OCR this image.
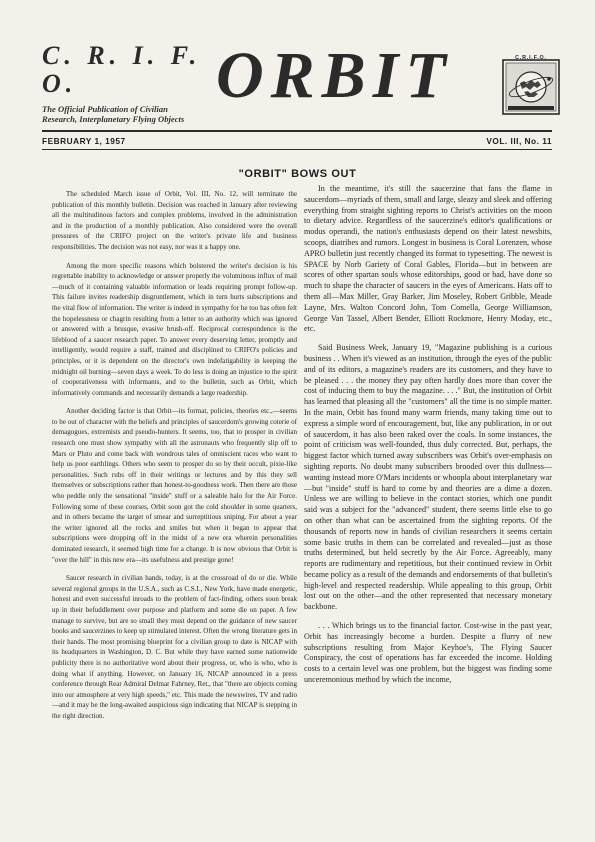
C. R. I. F. O.
The Official Publication of Civilian
Research, Interplanetary Flying Objects
ORBIT	C.R.I.F.O.
FEBRUARY 1, 1957	VOL. III, No. 11
"ORBIT" BOWS OUT

The scheduled March issue of Orbit, Vol. III, No. 12, will terminate the publication of this monthly bulletin. Decision was reached in January after reviewing all the multitudinous factors and complex problems, involved in the administration and in the production of a monthly publication. Also considered were the overall pressures of the CRIFO project on the writer's private life and business responsibilities. The decision was not easy, nor was it a happy one.

Among the more specific reasons which bolstered the writer's decision is his regrettable inability to acknowledge or answer properly the voluminous influx of mail—much of it containing valuable information or leads requiring prompt follow-up. This failure invites readership disgruntlement, which in turn hurts subscriptions and the vital flow of information. The writer is indeed in sympathy for he too has often felt the hopelessness or chagrin resulting from a letter to an authority which was ignored or answered with a brusque, evasive brush-off. Reciprocal correspondence is the lifeblood of a saucer research paper. To answer every deserving letter, promptly and intelligently, would require a staff, trained and disciplined to CRIFO's policies and principles, or it is dependent on the director's own indefatigability in keeping the midnight oil burning—seven days a week. To do less is doing an injustice to the spirit of cooperativeness with informants, and to the bulletin, such as Orbit, which informatively commands and necessarily demands a large readership.

Another deciding factor is that Orbit—its format, policies, theories etc.,—seems to be out of character with the beliefs and principles of saucerdom's growing coterie of demagogues, extremists and pseudo-hunters. It seems, too, that to prosper in civilian research one must show sympathy with all the astronauts who frequently slip off to Mars or Pluto and come back with wondrous tales of omniscient races who want to help us poor earthlings. Others who seem to prosper do so by their occult, pixie-like personalities. Such rubs off in their writings or lectures and by this they sell themselves or subscriptions rather than honest-to-goodness work. Then there are those who peddle only the sensational "inside" stuff or a saleable halo for the Air Force. Following some of these courses, Orbit soon got the cold shoulder in some quarters, and in others became the target of smear and surreptitious sniping. For about a year the writer ignored all the rocks and smiles but when it began to appear that subscriptions were dropping off in the midst of a new era wherein personalities dominated research, it seemed high time for a change. It is now obvious that Orbit is "over the hill" in this new era—its usefulness and prestige gone!

Saucer research in civilian hands, today, is at the crossroad of do or die. While several regional groups in the U.S.A., such as C.S.I., New York, have made energetic, honest and even successful inroads to the problem of fact-finding, others soon break up in their befuddlement over purpose and platform and some die on paper. A few manage to survive, but are so small they must depend on the guidance of new saucer books and saucerzines to keep up stimulated interest. Often the wrong literature gets in their hands. The most promising blueprint for a civilian group to date is NICAP with its headquarters in Washington, D. C. But while they have earned some nationwide publicity there is no authoritative word about their progress, or, who is who, who is doing what if anything. However, on January 16, NICAP announced in a press conference through Rear Admiral Delmar Fahrney, Ret., that "there are objects coming into our atmosphere at very high speeds," etc. This made the newswires, TV and radio—and it may be the long-awaited auspicious sign indicating that NICAP is stepping in the right direction.

In the meantime, it's still the saucerzine that fans the flame in saucerdom—myriads of them, small and large, sleazy and sleek and offering everything from straight sighting reports to Christ's activities on the moon to dietary advice. Regardless of the saucerzine's editor's qualifications or modus operandi, the nation's enthusiasts depend on their latest newsbits, scoops, diatribes and rumors. Longest in business is Coral Lorenzen, whose APRO bulletin just recently changed its format to typesetting. The newest is SPACE by Norb Gariety of Coral Gables, Florida—but in between are scores of other spartan souls whose editorships, good or bad, have done so much to shape the character of saucers in the eyes of Americans. Hats off to them all—Max Miller, Gray Barker, Jim Moseley, Robert Gribble, Meade Layne, Mrs. Walton Concord John, Tom Comella, George Williamson, George Van Tassel, Albert Bender, Elliott Rockmore, Henry Moday, etc., etc.

Said Business Week, January 19, "Magazine publishing is a curious business . . When it's viewed as an institution, through the eyes of the public and of its editors, a magazine's readers are its customers, and they have to be pleased . . . the money they pay often hardly does more than cover the cost of inducing them to buy the magazine. . . ." But, the institution of Orbit has learned that pleasing all the "customers" all the time is no simple matter. In the main, Orbit has found many warm friends, many taking time out to express a simple word of encouragement, but, like any publication, in or out of saucerdom, it has also been raked over the coals. In some instances, the point of criticism was well-founded, thus duly corrected. But, perhaps, the biggest factor which turned away subscribers was Orbit's over-emphasis on sighting reports. No doubt many subscribers brooded over this dullness—wanting instead more O'Mars incidents or whoopla about interplanetary war—but "inside" stuff is hard to come by and theories are a dime a dozen. Unless we are willing to believe in the contact stories, which one pundit said was a subject for the "advanced" student, there seems little else to go on other than what can be ascertained from the sighting reports. Of the thousands of reports now in hands of civilian researchers it seems certain some basic truths in them can be correlated and revealed—just as those truths determined, but held secretly by the Air Force. Agreeably, many reports are rudimentary and repetitious, but their continued review in Orbit became policy as a result of the demands and endorsements of that bulletin's high-level and respected readership. While appealing to this group, Orbit lost out on the other—and the other represented that necessary monetary backbone.

. . . Which brings us to the financial factor. Cost-wise in the past year, Orbit has increasingly become a burden. Despite a flurry of new subscriptions resulting from Major Keyhoe's, The Flying Saucer Conspiracy, the cost of operations has far exceeded the income. Holding costs to a certain level was one problem, but the biggest was finding some unceremonious method by which the income,
